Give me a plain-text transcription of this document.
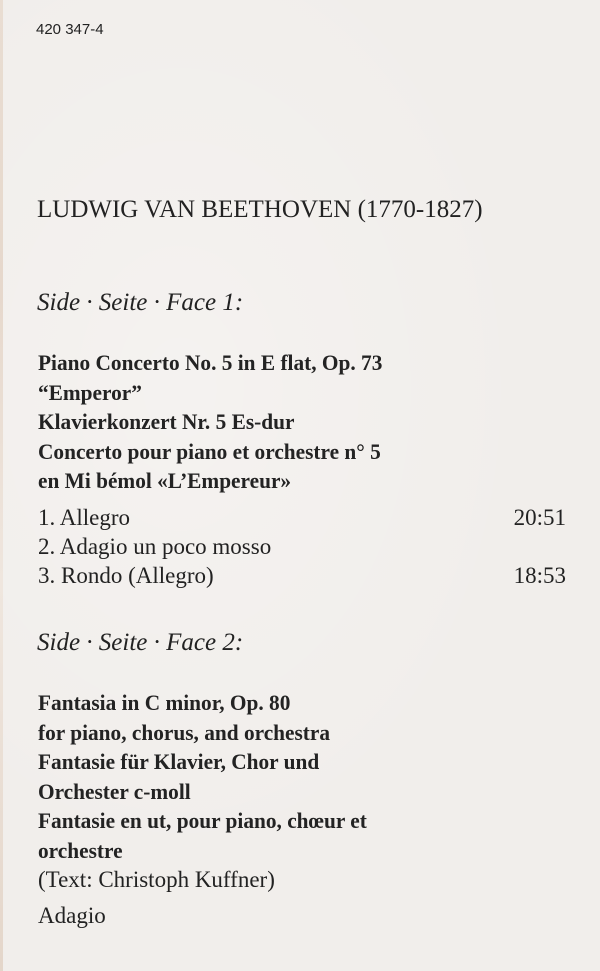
420 347-4
LUDWIG VAN BEETHOVEN (1770-1827)
Side · Seite · Face 1:
Piano Concerto No. 5 in E flat, Op. 73
“Emperor”
Klavierkonzert Nr. 5 Es-dur
Concerto pour piano et orchestre n° 5
en Mi bémol «L’Empereur»
1. Allegro	20:51
2. Adagio un poco mosso
3. Rondo (Allegro)	18:53
Side · Seite · Face 2:
Fantasia in C minor, Op. 80
for piano, chorus, and orchestra
Fantasie für Klavier, Chor und
Orchester c-moll
Fantasie en ut, pour piano, chœur et
orchestre
(Text: Christoph Kuffner)
Adagio
